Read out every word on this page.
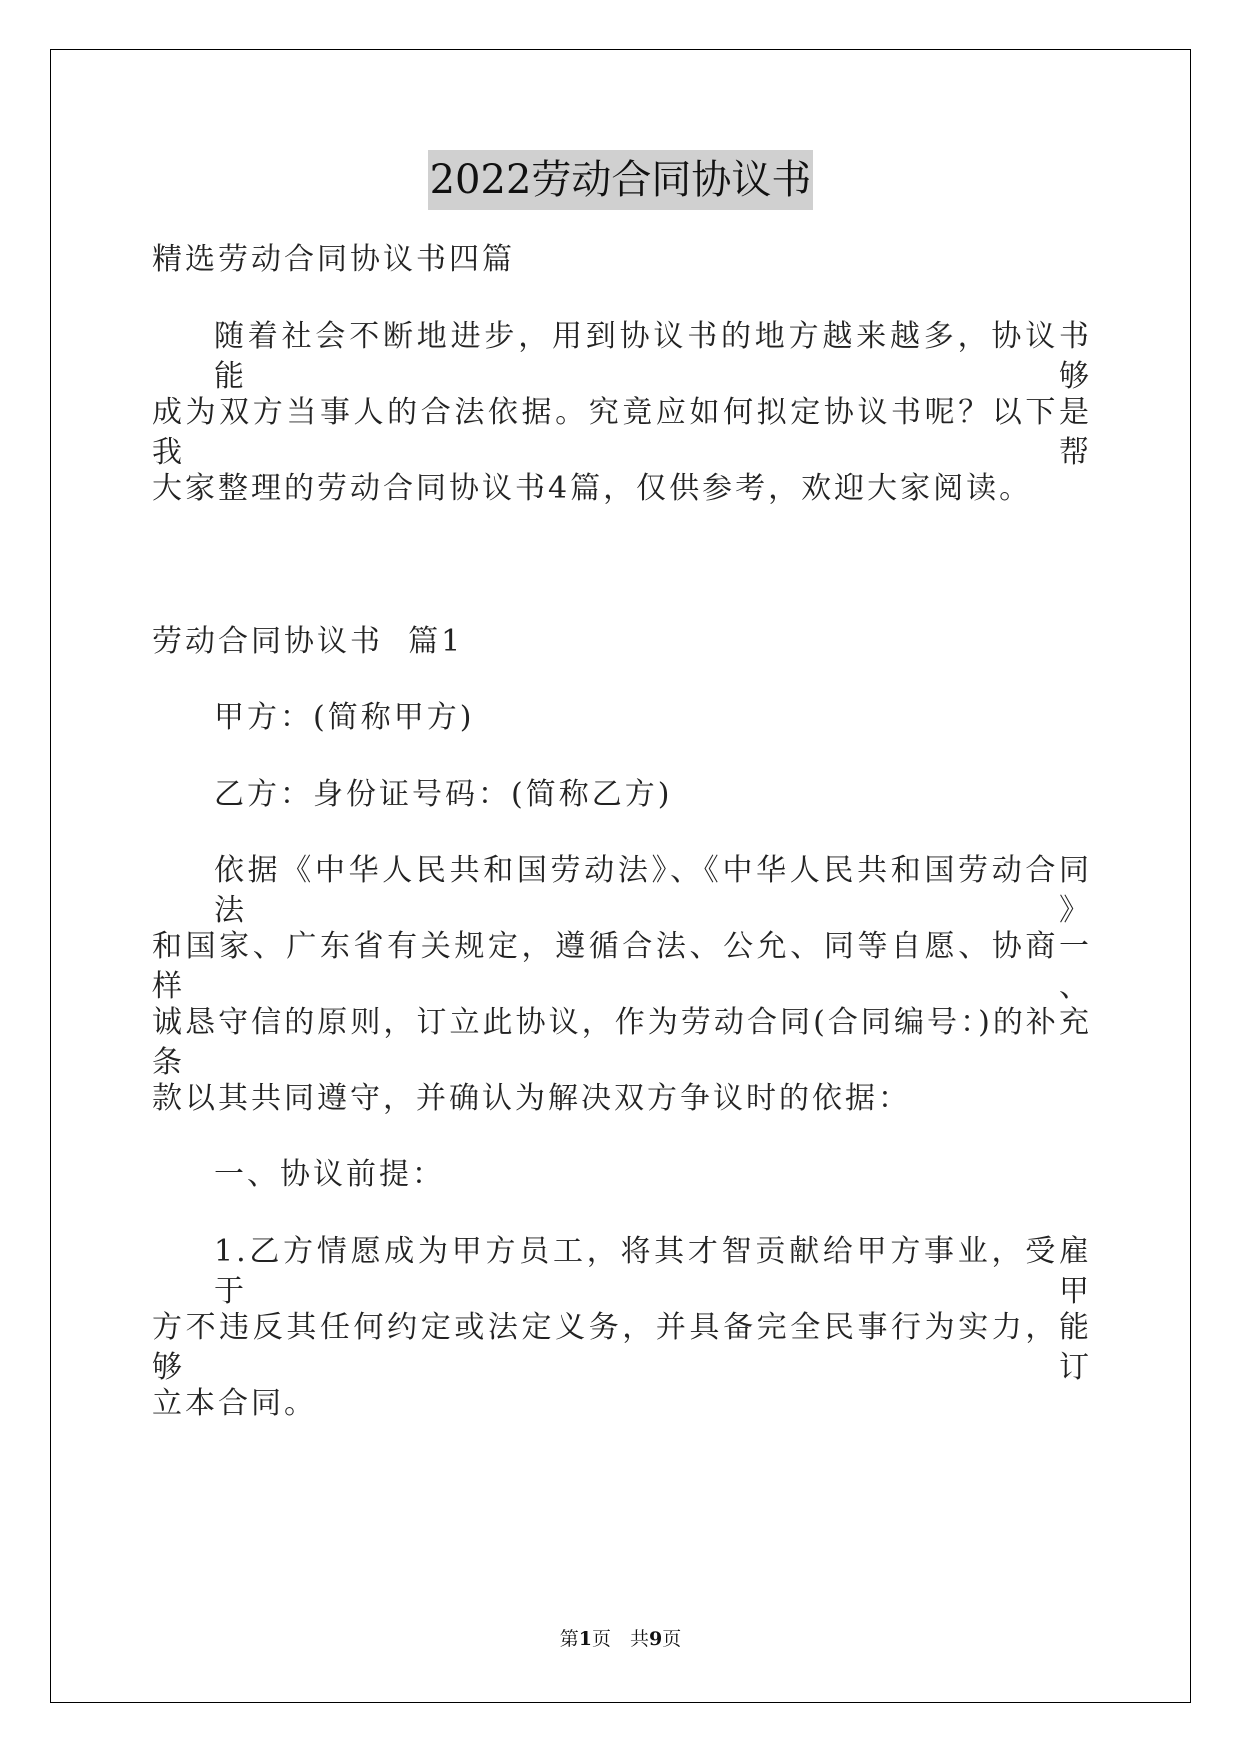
2022劳动合同协议书
精选劳动合同协议书四篇
随着社会不断地进步，用到协议书的地方越来越多，协议书能够
成为双方当事人的合法依据。究竟应如何拟定协议书呢？以下是我帮
大家整理的劳动合同协议书4篇，仅供参考，欢迎大家阅读。
劳动合同协议书  篇1
甲方：(简称甲方)
乙方：身份证号码：(简称乙方)
依据《中华人民共和国劳动法》、《中华人民共和国劳动合同法》
和国家、广东省有关规定，遵循合法、公允、同等自愿、协商一样、
诚恳守信的原则，订立此协议，作为劳动合同(合同编号：)的补充条
款以其共同遵守，并确认为解决双方争议时的依据：
一、协议前提：
1.乙方情愿成为甲方员工，将其才智贡献给甲方事业，受雇于甲
方不违反其任何约定或法定义务，并具备完全民事行为实力，能够订
立本合同。
第1页　共9页
